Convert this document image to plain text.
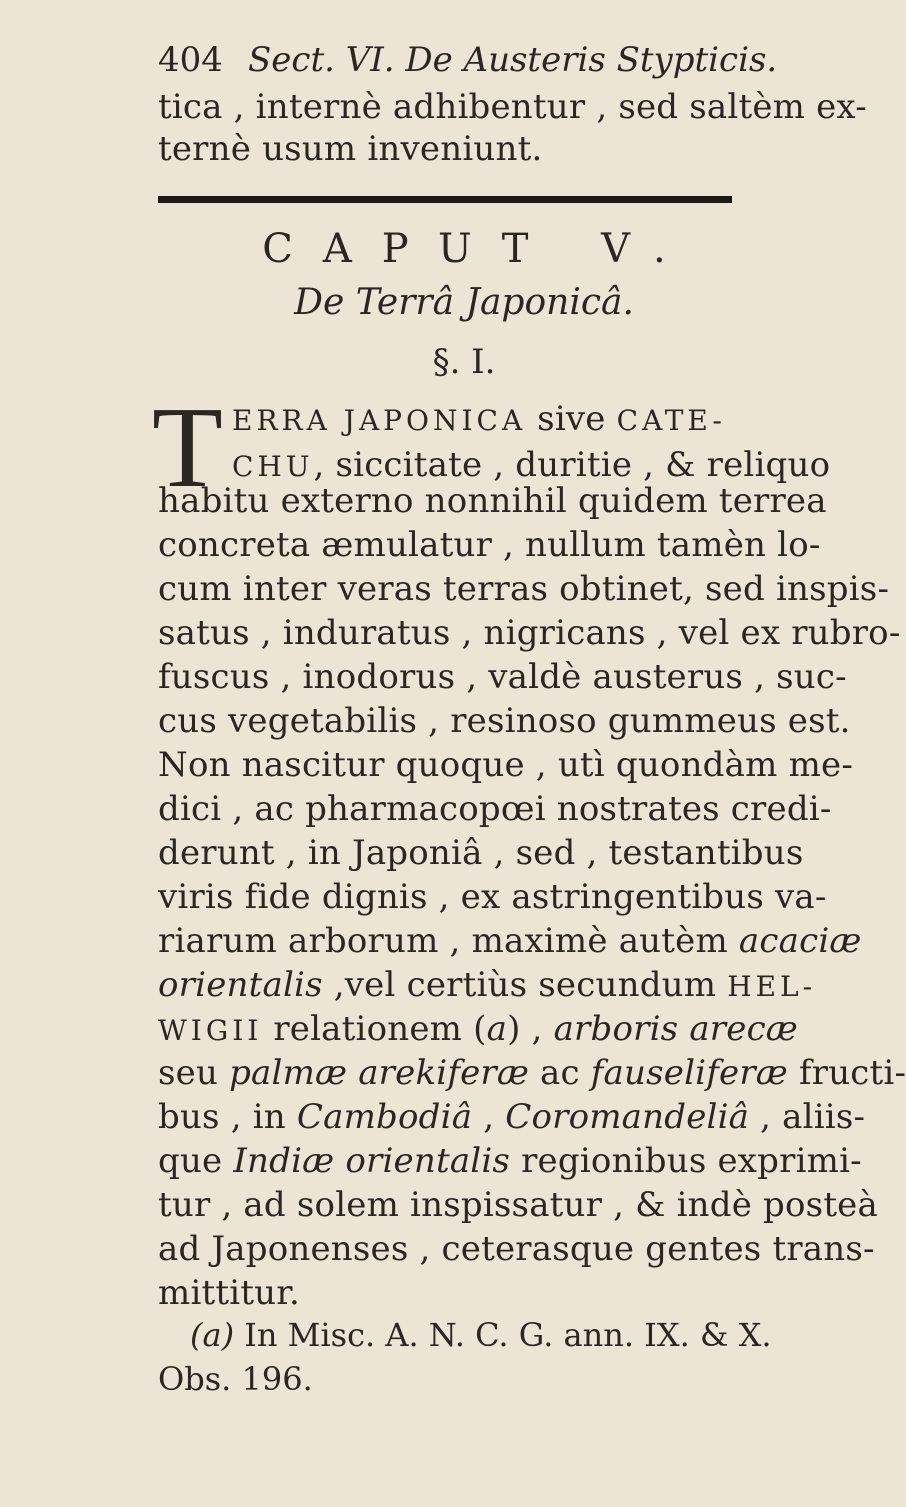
404 Sect. VI. De Austeris Stypticis.
tica , internè adhibentur , sed saltèm ex-
ternè usum inveniunt.
CAPUT V.
De Terrâ Japonicâ.
§. I.
T ERRA JAPONICA sive CATE-
CHU, siccitate , duritie , & reliquo
habitu externo nonnihil quidem terrea
concreta æmulatur , nullum tamèn lo-
cum inter veras terras obtinet, sed inspis-
satus , induratus , nigricans , vel ex rubro-
fuscus , inodorus , valdè austerus , suc-
cus vegetabilis , resinoso gummeus est.
Non nascitur quoque , utì quondàm me-
dici , ac pharmacopœi nostrates credi-
derunt , in Japoniâ , sed , testantibus
viris fide dignis , ex astringentibus va-
riarum arborum , maximè autèm acaciæ
orientalis ,vel certiùs secundum HEL-
WIGII relationem (a) , arboris arecæ
seu palmæ arekiferæ ac fauseliferæ fructi-
bus , in Cambodiâ , Coromandeliâ , aliis-
que Indiæ orientalis regionibus exprimi-
tur , ad solem inspissatur , & indè posteà
ad Japonenses , ceterasque gentes trans-
mittitur.
(a) In Misc. A. N. C. G. ann. IX. & X.
Obs. 196.
